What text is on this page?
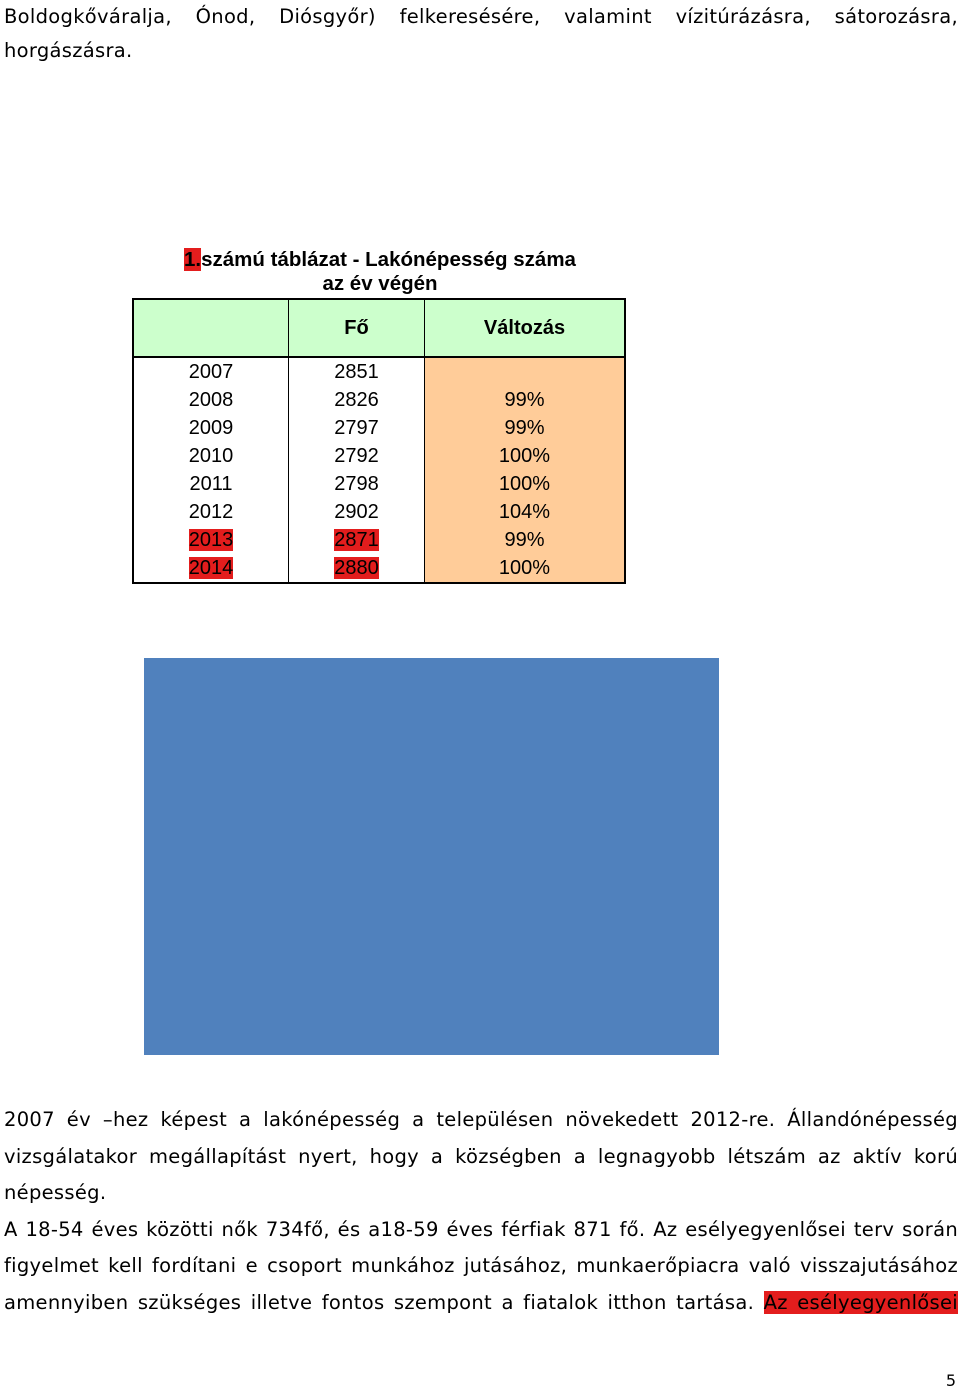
Boldogkőváralja, Ónod, Diósgyőr) felkeresésére, valamint vízitúrázásra, sátorozásra,
horgászásra.
1.számú táblázat - Lakónépesség száma
az év végén
	Fő	Változás
2007	2851	
2008	2826	99%
2009	2797	99%
2010	2792	100%
2011	2798	100%
2012	2902	104%
2013	2871	99%
2014	2880	100%

2007 év –hez képest a lakónépesség a településen növekedett 2012-re. Állandónépesség

vizsgálatakor megállapítást nyert, hogy a községben a legnagyobb létszám az aktív korú népesség.

A 18-54 éves közötti nők 734fő, és a18-59 éves férfiak 871 fő. Az esélyegyenlősei terv során figyelmet kell fordítani e csoport munkához jutásához, munkaerőpiacra való visszajutásához amennyiben szükséges illetve fontos szempont a fiatalok itthon tartása. Az esélyegyenlősei

5
